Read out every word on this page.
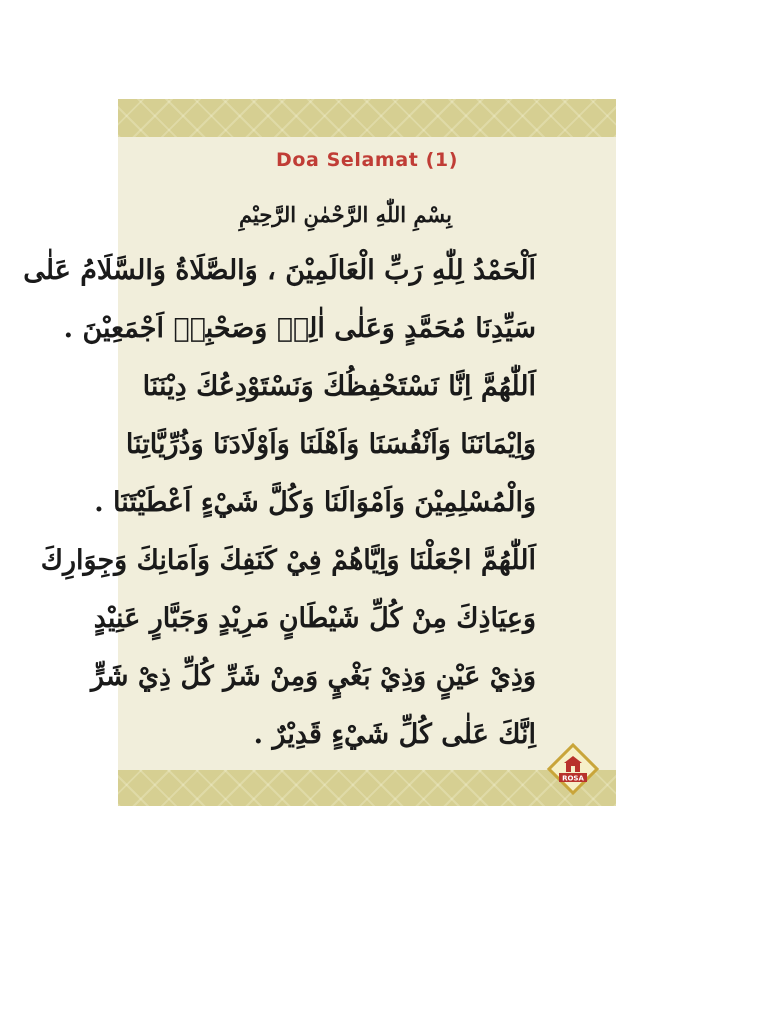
Doa Selamat (1)
بِسْمِ اللّٰهِ الرَّحْمٰنِ الرَّحِيْمِ
اَلْحَمْدُ لِلّٰهِ رَبِّ الْعَالَمِيْنَ ، وَالصَّلَاةُ وَالسَّلَامُ عَلٰى
سَيِّدِنَا مُحَمَّدٍ وَعَلٰى اٰلِهٖ وَصَحْبِهٖ اَجْمَعِيْنَ .
اَللّٰهُمَّ اِنَّا نَسْتَحْفِظُكَ وَنَسْتَوْدِعُكَ دِيْنَنَا
وَاِيْمَانَنَا وَاَنْفُسَنَا وَاَهْلَنَا وَاَوْلَادَنَا وَذُرِّيَّاتِنَا
وَالْمُسْلِمِيْنَ وَاَمْوَالَنَا وَكُلَّ شَيْءٍ اَعْطَيْتَنَا .
اَللّٰهُمَّ اجْعَلْنَا وَاِيَّاهُمْ فِيْ كَنَفِكَ وَاَمَانِكَ وَجِوَارِكَ
وَعِيَاذِكَ مِنْ كُلِّ شَيْطَانٍ مَرِيْدٍ وَجَبَّارٍ عَنِيْدٍ
وَذِيْ عَيْنٍ وَذِيْ بَغْيٍ وَمِنْ شَرِّ كُلِّ ذِيْ شَرٍّ
اِنَّكَ عَلٰى كُلِّ شَيْءٍ قَدِيْرٌ .
ROSA
